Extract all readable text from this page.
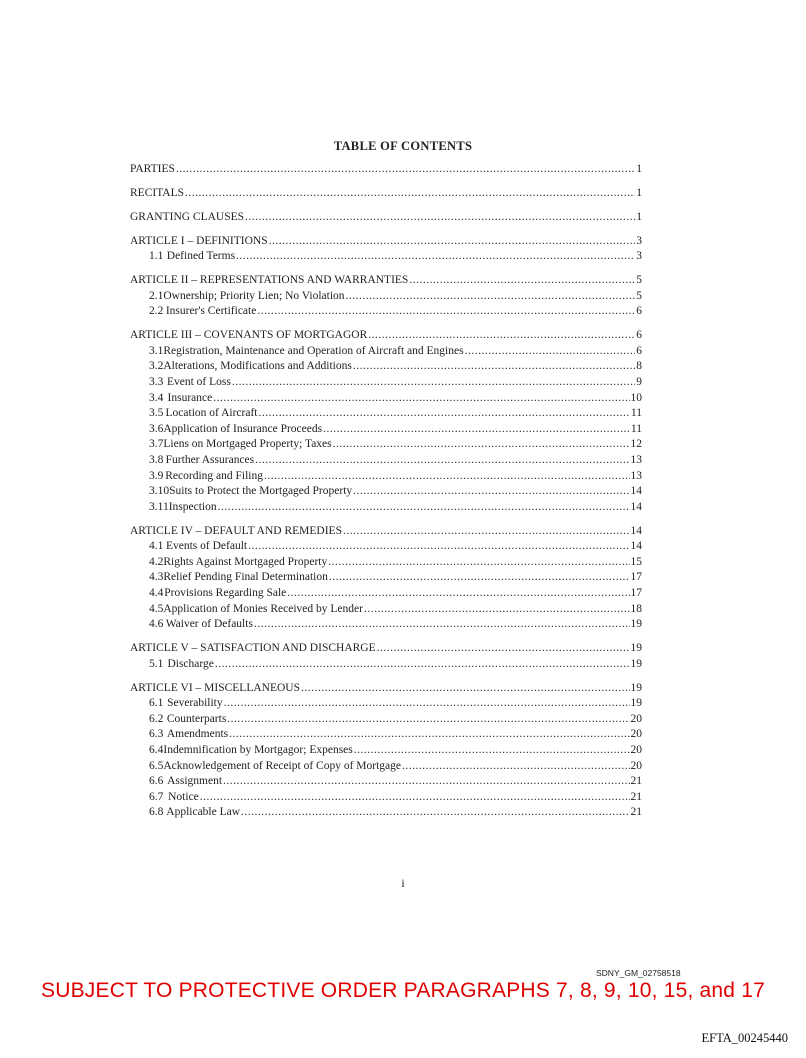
TABLE OF CONTENTS
PARTIES .....	1
RECITALS .....	1
GRANTING CLAUSES .....	1
ARTICLE I – DEFINITIONS .....	3
1.1 Defined Terms .....	3
ARTICLE II – REPRESENTATIONS AND WARRANTIES .....	5
2.1 Ownership; Priority Lien; No Violation .....	5
2.2 Insurer's Certificate .....	6
ARTICLE III – COVENANTS OF MORTGAGOR .....	6
3.1 Registration, Maintenance and Operation of Aircraft and Engines .....	6
3.2 Alterations, Modifications and Additions .....	8
3.3 Event of Loss .....	9
3.4 Insurance .....	10
3.5 Location of Aircraft .....	11
3.6 Application of Insurance Proceeds .....	11
3.7 Liens on Mortgaged Property; Taxes .....	12
3.8 Further Assurances .....	13
3.9 Recording and Filing .....	13
3.10 Suits to Protect the Mortgaged Property .....	14
3.11 Inspection .....	14
ARTICLE IV – DEFAULT AND REMEDIES .....	14
4.1 Events of Default .....	14
4.2 Rights Against Mortgaged Property .....	15
4.3 Relief Pending Final Determination .....	17
4.4 Provisions Regarding Sale .....	17
4.5 Application of Monies Received by Lender .....	18
4.6 Waiver of Defaults .....	19
ARTICLE V – SATISFACTION AND DISCHARGE .....	19
5.1 Discharge .....	19
ARTICLE VI – MISCELLANEOUS .....	19
6.1 Severability .....	19
6.2 Counterparts .....	20
6.3 Amendments .....	20
6.4 Indemnification by Mortgagor; Expenses .....	20
6.5 Acknowledgement of Receipt of Copy of Mortgage .....	20
6.6 Assignment .....	21
6.7 Notice .....	21
6.8 Applicable Law .....	21
i
SDNY_GM_02758518
SUBJECT TO PROTECTIVE ORDER PARAGRAPHS 7, 8, 9, 10, 15, and 17
EFTA_00245440
